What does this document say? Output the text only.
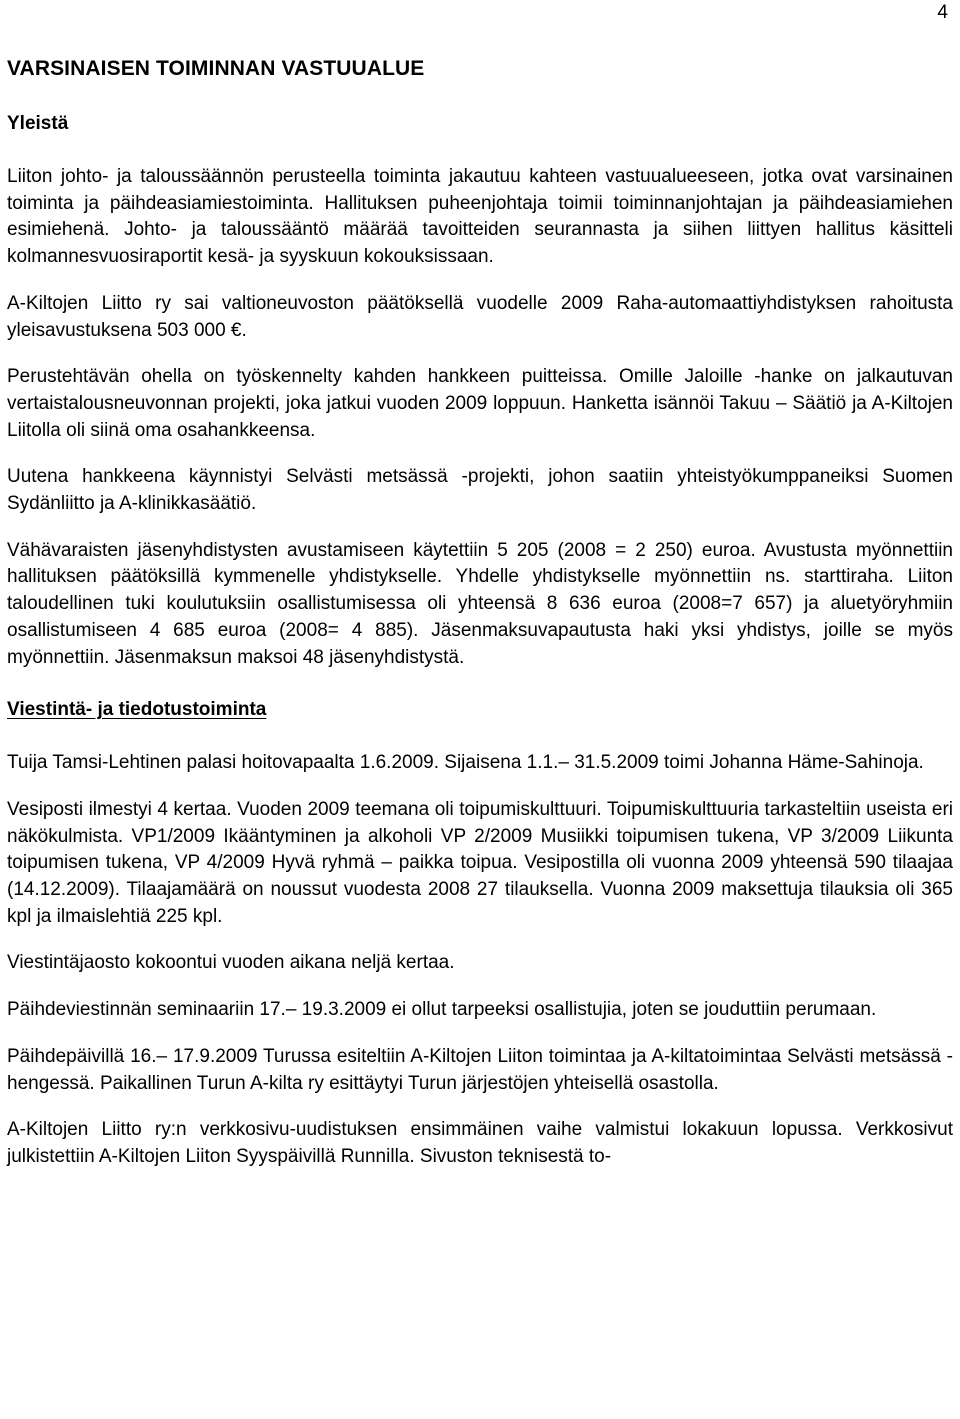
4
VARSINAISEN TOIMINNAN VASTUUALUE
Yleistä

Liiton johto- ja taloussäännön perusteella toiminta jakautuu kahteen vastuualueeseen, jotka ovat varsinainen toiminta ja päihdeasiamiestoiminta. Hallituksen puheenjohtaja toimii toiminnanjohtajan ja päihdeasiamiehen esimiehenä. Johto- ja taloussääntö määrää tavoitteiden seurannasta ja siihen liittyen hallitus käsitteli kolmannesvuosiraportit kesä- ja syyskuun kokouksissaan.

A-Kiltojen Liitto ry sai valtioneuvoston päätöksellä vuodelle 2009 Raha-automaattiyhdistyksen rahoitusta yleisavustuksena 503 000 €.

Perustehtävän ohella on työskennelty kahden hankkeen puitteissa. Omille Jaloille -hanke on jalkautuvan vertaistalousneuvonnan projekti, joka jatkui vuoden 2009 loppuun. Hanketta isännöi Takuu – Säätiö ja A-Kiltojen Liitolla oli siinä oma osahankkeensa.

Uutena hankkeena käynnistyi Selvästi metsässä -projekti, johon saatiin yhteistyökumppaneiksi Suomen Sydänliitto ja A-klinikkasäätiö.

Vähävaraisten jäsenyhdistysten avustamiseen käytettiin 5 205 (2008 = 2 250) euroa. Avustusta myönnettiin hallituksen päätöksillä kymmenelle yhdistykselle. Yhdelle yhdistykselle myönnettiin ns. starttiraha. Liiton taloudellinen tuki koulutuksiin osallistumisessa oli yhteensä 8 636 euroa (2008=7 657) ja aluetyöryhmiin osallistumiseen 4 685 euroa (2008= 4 885). Jäsenmaksuvapautusta haki yksi yhdistys, joille se myös myönnettiin. Jäsenmaksun maksoi 48 jäsenyhdistystä.

Viestintä- ja tiedotustoiminta

Tuija Tamsi-Lehtinen palasi hoitovapaalta 1.6.2009. Sijaisena 1.1.– 31.5.2009 toimi Johanna Häme-Sahinoja.

Vesiposti ilmestyi 4 kertaa. Vuoden 2009 teemana oli toipumiskulttuuri. Toipumiskulttuuria tarkasteltiin useista eri näkökulmista. VP1/2009 Ikääntyminen ja alkoholi VP 2/2009 Musiikki toipumisen tukena, VP 3/2009 Liikunta toipumisen tukena, VP 4/2009 Hyvä ryhmä – paikka toipua. Vesipostilla oli vuonna 2009 yhteensä 590 tilaajaa (14.12.2009). Tilaajamäärä on noussut vuodesta 2008 27 tilauksella. Vuonna 2009 maksettuja tilauksia oli 365 kpl ja ilmaislehtiä 225 kpl.

Viestintäjaosto kokoontui vuoden aikana neljä kertaa.

Päihdeviestinnän seminaariin 17.– 19.3.2009 ei ollut tarpeeksi osallistujia, joten se jouduttiin perumaan.

Päihdepäivillä 16.– 17.9.2009 Turussa esiteltiin A-Kiltojen Liiton toimintaa ja A-kiltatoimintaa Selvästi metsässä -hengessä. Paikallinen Turun A-kilta ry esittäytyi Turun järjestöjen yhteisellä osastolla.

A-Kiltojen Liitto ry:n verkkosivu-uudistuksen ensimmäinen vaihe valmistui lokakuun lopussa. Verkkosivut julkistettiin A-Kiltojen Liiton Syyspäivillä Runnilla. Sivuston teknisestä to-
